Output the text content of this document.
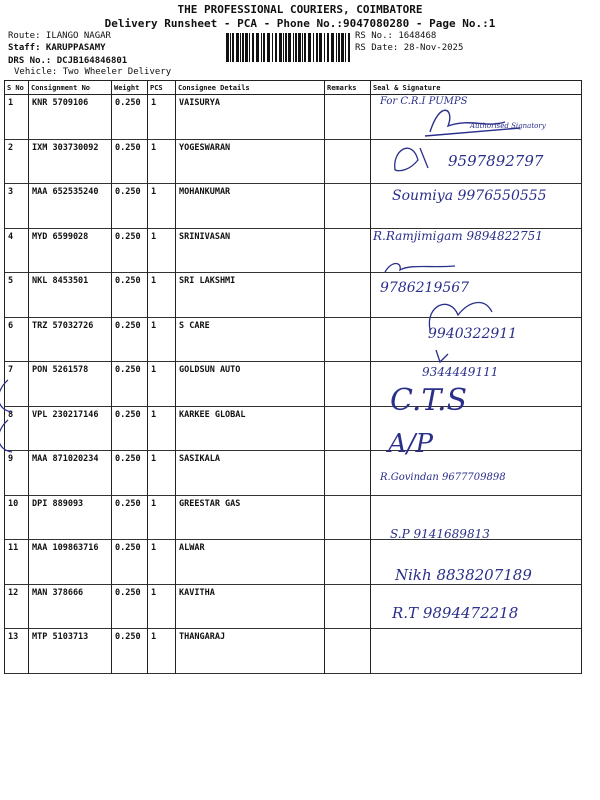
THE PROFESSIONAL COURIERS, COIMBATORE
Delivery Runsheet - PCA - Phone No.:9047080280 - Page No.:1
Route: ILANGO NAGAR
Staff: KARUPPASAMY
DRS No.: DCJB164846801
Vehicle: Two Wheeler Delivery
RS No.: 1648468
RS Date: 28-Nov-2025
S No	Consignment No	Weight	PCS	Consignee Details	Remarks	Seal & Signature
1	KNR 5709106	0.250	1	VAISURYA		
2	IXM 303730092	0.250	1	YOGESWARAN		
3	MAA 652535240	0.250	1	MOHANKUMAR		
4	MYD 6599028	0.250	1	SRINIVASAN		
5	NKL 8453501	0.250	1	SRI LAKSHMI		
6	TRZ 57032726	0.250	1	S CARE		
7	PON 5261578	0.250	1	GOLDSUN AUTO		
8	VPL 230217146	0.250	1	KARKEE GLOBAL		
9	MAA 871020234	0.250	1	SASIKALA		
10	DPI 889093	0.250	1	GREESTAR GAS		
11	MAA 109863716	0.250	1	ALWAR		
12	MAN 378666	0.250	1	KAVITHA		
13	MTP 5103713	0.250	1	THANGARAJ		
For C.R.I PUMPS
Authorised Signatory
9597892797
Soumiya 9976550555
R.Ramjimigam 9894822751
9786219567
9940322911
9344449111
C.T.S
A/P
R.Govindan 9677709898
S.P 9141689813
Nikh 8838207189
R.T 9894472218
